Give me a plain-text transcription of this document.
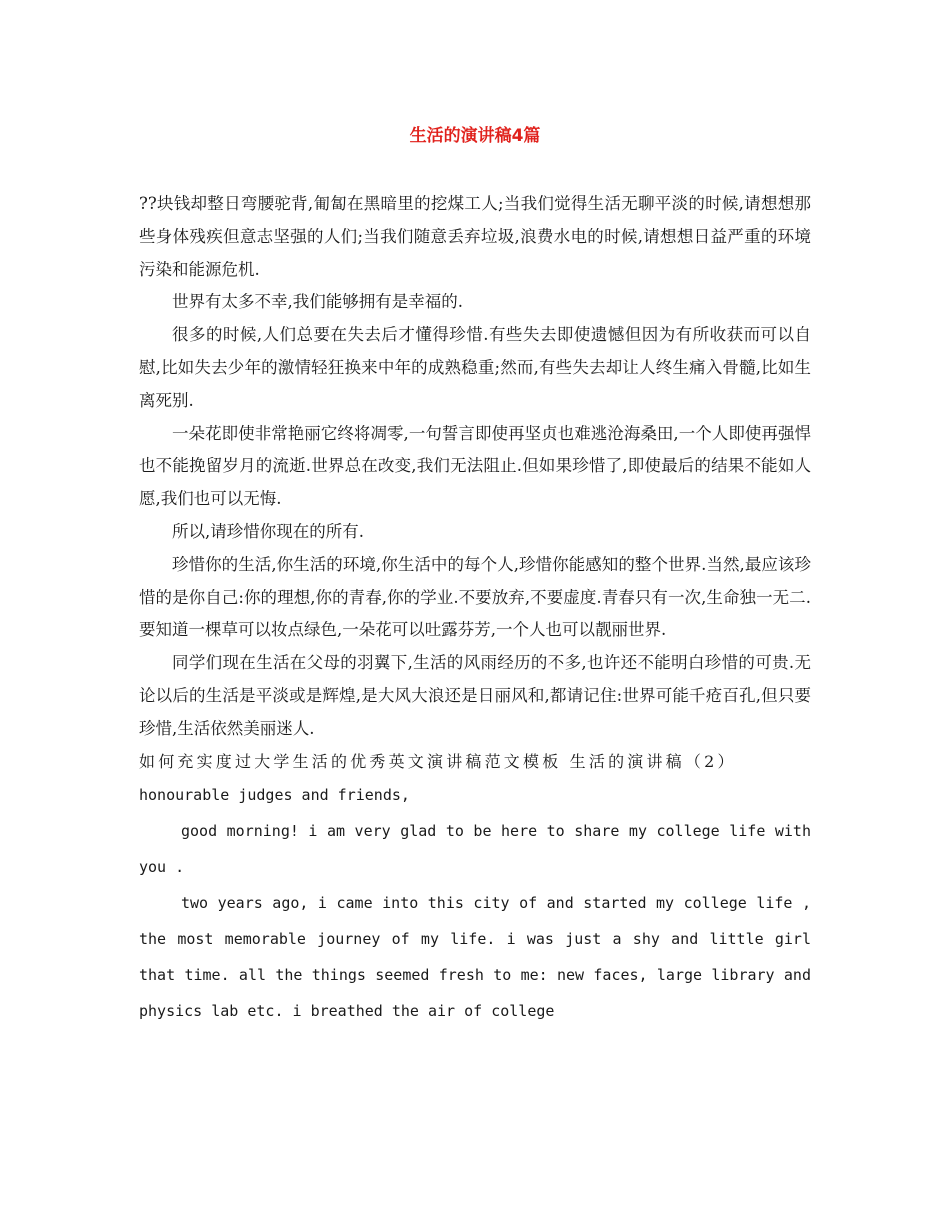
生活的演讲稿4篇

??块钱却整日弯腰驼背,匍匐在黑暗里的挖煤工人;当我们觉得生活无聊平淡的时候,请想想那些身体残疾但意志坚强的人们;当我们随意丢弃垃圾,浪费水电的时候,请想想日益严重的环境污染和能源危机.

世界有太多不幸,我们能够拥有是幸福的.

很多的时候,人们总要在失去后才懂得珍惜.有些失去即使遗憾但因为有所收获而可以自慰,比如失去少年的激情轻狂换来中年的成熟稳重;然而,有些失去却让人终生痛入骨髓,比如生离死别.

一朵花即使非常艳丽它终将凋零,一句誓言即使再坚贞也难逃沧海桑田,一个人即使再强悍也不能挽留岁月的流逝.世界总在改变,我们无法阻止.但如果珍惜了,即使最后的结果不能如人愿,我们也可以无悔.

所以,请珍惜你现在的所有.

珍惜你的生活,你生活的环境,你生活中的每个人,珍惜你能感知的整个世界.当然,最应该珍惜的是你自己:你的理想,你的青春,你的学业.不要放弃,不要虚度.青春只有一次,生命独一无二.要知道一棵草可以妆点绿色,一朵花可以吐露芬芳,一个人也可以靓丽世界.

同学们现在生活在父母的羽翼下,生活的风雨经历的不多,也许还不能明白珍惜的可贵.无论以后的生活是平淡或是辉煌,是大风大浪还是日丽风和,都请记住:世界可能千疮百孔,但只要珍惜,生活依然美丽迷人.

如何充实度过大学生活的优秀英文演讲稿范文模板 生活的演讲稿（2）

honourable judges and friends,

good morning! i am very glad to be here to share my college life with you .

two years ago, i came into this city of and started my college life , the most memorable journey of my life. i was just a shy and little girl that time. all the things seemed fresh to me: new faces, large library and physics lab etc. i breathed the air of college
